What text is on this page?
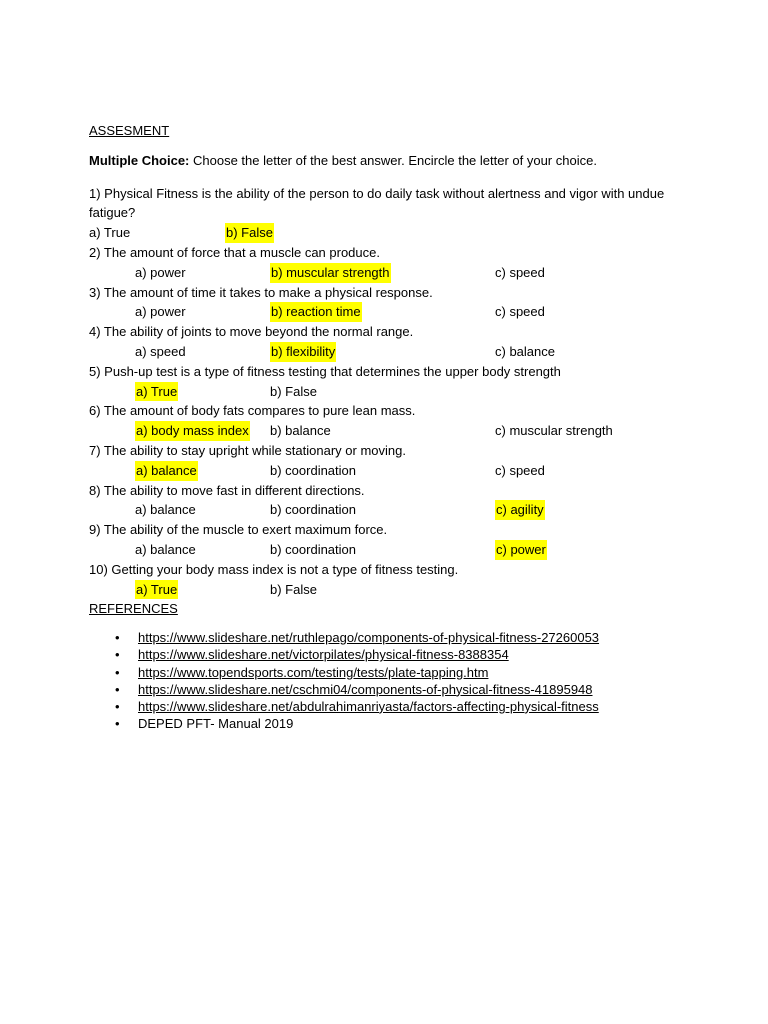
ASSESMENT
Multiple Choice: Choose the letter of the best answer. Encircle the letter of your choice.
1) Physical Fitness is the ability of the person to do daily task without alertness and vigor with undue fatigue?
a) True	b) False
2) The amount of force that a muscle can produce.
a) power	b) muscular strength	c) speed
3) The amount of time it takes to make a physical response.
a) power	b) reaction time	c) speed
4) The ability of joints to move beyond the normal range.
a) speed	b) flexibility	c) balance
5) Push-up test is a type of fitness testing that determines the upper body strength
a) True	b) False
6) The amount of body fats compares to pure lean mass.
a) body mass index b) balance	c) muscular strength
7) The ability to stay upright while stationary or moving.
a) balance	b) coordination	c) speed
8) The ability to move fast in different directions.
a) balance	b) coordination	c) agility
9) The ability of the muscle to exert maximum force.
a) balance	b) coordination	c) power
10) Getting your body mass index is not a type of fitness testing.
a) True	b) False
REFERENCES
• https://www.slideshare.net/ruthlepago/components-of-physical-fitness-27260053
• https://www.slideshare.net/victorpilates/physical-fitness-8388354
• https://www.topendsports.com/testing/tests/plate-tapping.htm
• https://www.slideshare.net/cschmi04/components-of-physical-fitness-41895948
• https://www.slideshare.net/abdulrahimanriyasta/factors-affecting-physical-fitness
• DEPED PFT- Manual 2019
